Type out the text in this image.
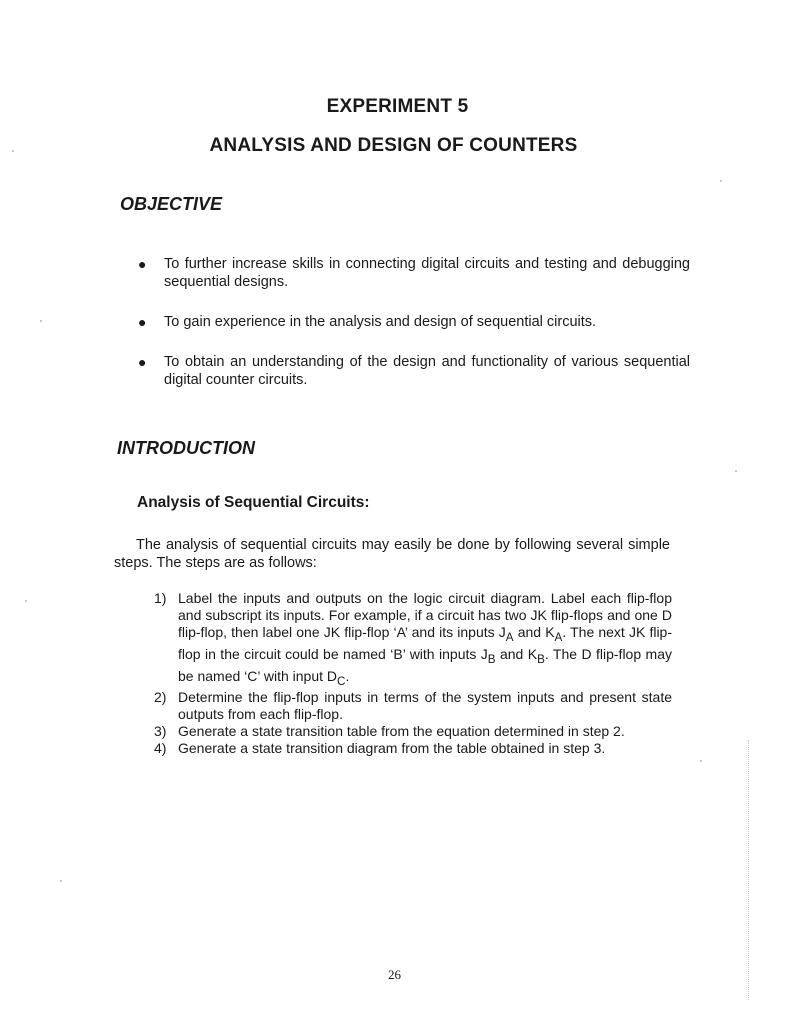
EXPERIMENT 5
ANALYSIS AND DESIGN OF COUNTERS
OBJECTIVE
● To further increase skills in connecting digital circuits and testing and debugging sequential designs.
● To gain experience in the analysis and design of sequential circuits.
● To obtain an understanding of the design and functionality of various sequential digital counter circuits.
INTRODUCTION
Analysis of Sequential Circuits:

The analysis of sequential circuits may easily be done by following several simple steps. The steps are as follows:

1) Label the inputs and outputs on the logic circuit diagram. Label each flip-flop and subscript its inputs. For example, if a circuit has two JK flip-flops and one D flip-flop, then label one JK flip-flop ‘A’ and its inputs $J_A$ and $K_A$. The next JK flip-flop in the circuit could be named ‘B’ with inputs $J_B$ and $K_B$. The D flip-flop may be named ‘C’ with input $D_C$.
2) Determine the flip-flop inputs in terms of the system inputs and present state outputs from each flip-flop.
3) Generate a state transition table from the equation determined in step 2.
4) Generate a state transition diagram from the table obtained in step 3.
26
